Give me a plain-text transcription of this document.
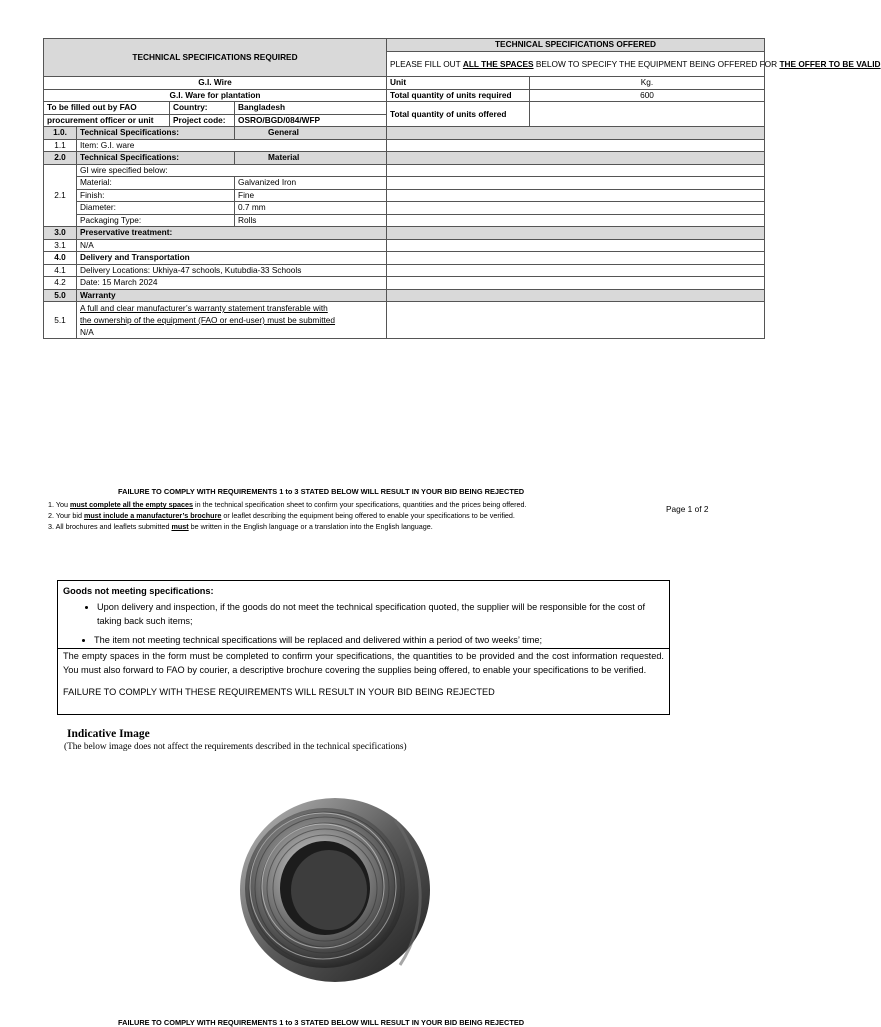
TECHNICAL SPECIFICATIONS REQUIRED				TECHNICAL SPECIFICATIONS OFFERED	
				PLEASE FILL OUT ALL THE SPACES BELOW TO SPECIFY THE EQUIPMENT BEING OFFERED FOR THE OFFER TO BE VALID	
G.I. Wire				Unit	Kg.
G.I. Ware for plantation				Total quantity of units required	600
To be filled out by FAO		Country:	Bangladesh	Total quantity of units offered	
procurement officer or unit		Project code:	OSRO/BGD/084/WFP		
1.0.	Technical Specifications:		General		
1.1	Item: G.I. ware				
2.0	Technical Specifications:		Material		
2.1	GI wire specified below:				
	Material:		Galvanized Iron		
	Finish:		Fine		
	Diameter:		0.7 mm		
	Packaging Type:		Rolls		
3.0	Preservative treatment:				
3.1	N/A				
4.0	Delivery and Transportation				
4.1	Delivery Locations: Ukhiya-47 schools, Kutubdia-33 Schools				
4.2	Date: 15 March 2024				
5.0	Warranty				
5.1	A full and clear manufacturer’s warranty statement transferable with
the ownership of the equipment (FAO or end-user) must be submitted
N/A				

FAILURE TO COMPLY WITH REQUIREMENTS 1 to 3 STATED BELOW WILL RESULT IN YOUR BID BEING REJECTED
1. You must complete all the empty spaces in the technical specification sheet to confirm your specifications, quantities and the prices being offered.
2. Your bid must include a manufacturer’s brochure or leaflet describing the equipment being offered to enable your specifications to be verified.
3. All brochures and leaflets submitted must be written in the English language or a translation into the English language.
Page 1 of 2
Goods not meeting specifications:
• Upon delivery and inspection, if the goods do not meet the technical specification quoted, the supplier will be responsible for the cost of taking back such items;
• The item not meeting technical specifications will be replaced and delivered within a period of two weeks’ time;
The empty spaces in the form must be completed to confirm your specifications, the quantities to be provided and the cost information requested. You must also forward to FAO by courier, a descriptive brochure covering the supplies being offered, to enable your specifications to be verified.
FAILURE TO COMPLY WITH THESE REQUIREMENTS WILL RESULT IN YOUR BID BEING REJECTED
Indicative Image
(The below image does not affect the requirements described in the technical specifications)
FAILURE TO COMPLY WITH REQUIREMENTS 1 to 3 STATED BELOW WILL RESULT IN YOUR BID BEING REJECTED
